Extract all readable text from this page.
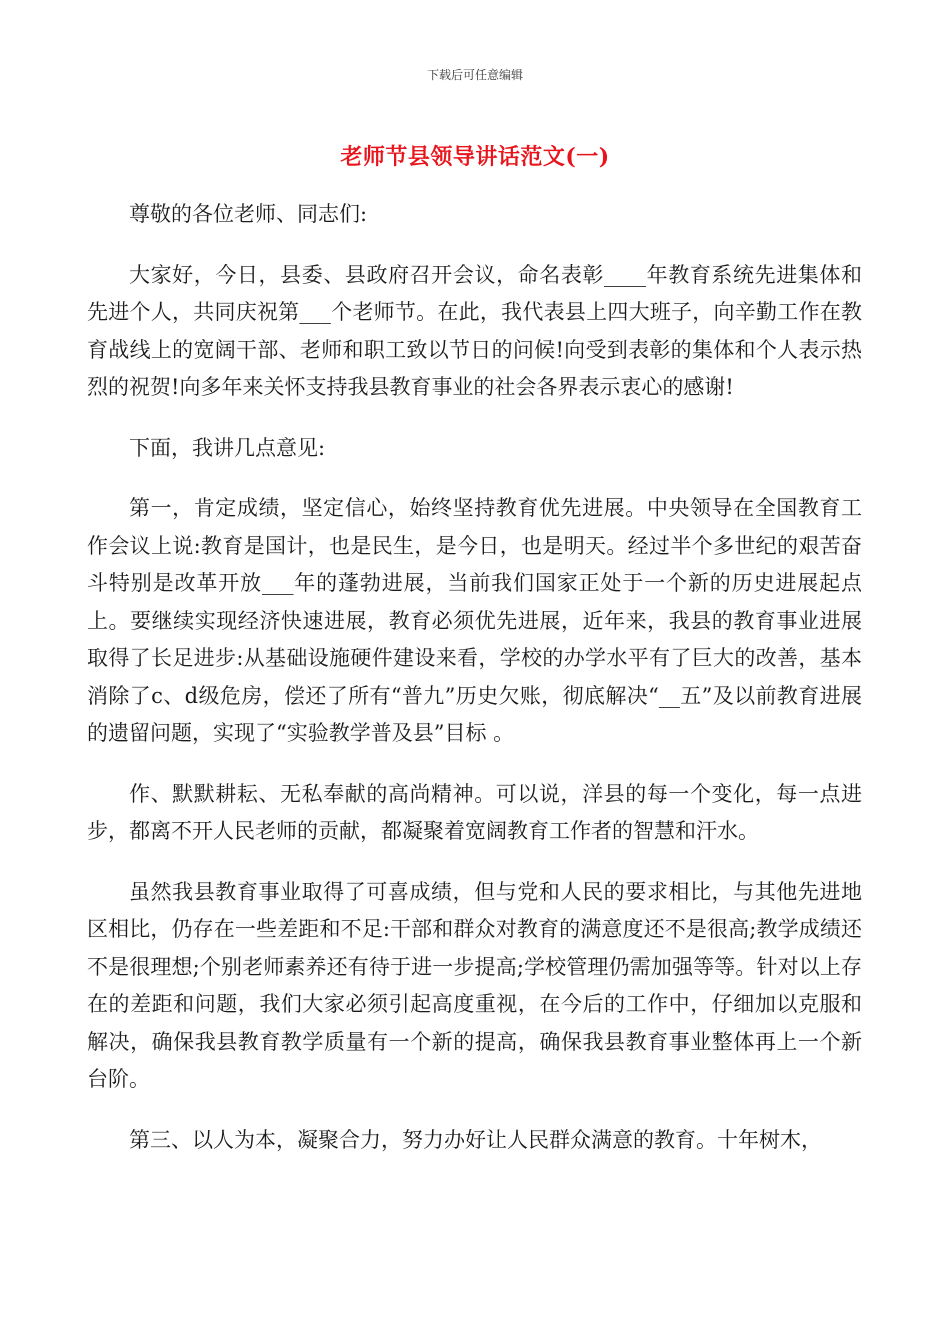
下载后可任意编辑
老师节县领导讲话范文(一)

尊敬的各位老师、同志们:

大家好，今日，县委、县政府召开会议，命名表彰____年教育系统先进集体和先进个人，共同庆祝第___个老师节。在此，我代表县上四大班子，向辛勤工作在教育战线上的宽阔干部、老师和职工致以节日的问候!向受到表彰的集体和个人表示热烈的祝贺!向多年来关怀支持我县教育事业的社会各界表示衷心的感谢!

下面，我讲几点意见:

第一，肯定成绩，坚定信心，始终坚持教育优先进展。中央领导在全国教育工作会议上说:教育是国计，也是民生，是今日，也是明天。经过半个多世纪的艰苦奋斗特别是改革开放___年的蓬勃进展，当前我们国家正处于一个新的历史进展起点上。要继续实现经济快速进展，教育必须优先进展，近年来，我县的教育事业进展取得了长足进步:从基础设施硬件建设来看，学校的办学水平有了巨大的改善，基本消除了c、d级危房，偿还了所有“普九”历史欠账，彻底解决“__五”及以前教育进展的遗留问题，实现了“实验教学普及县”目标 。

作、默默耕耘、无私奉献的高尚精神。可以说，洋县的每一个变化，每一点进步，都离不开人民老师的贡献，都凝聚着宽阔教育工作者的智慧和汗水。

虽然我县教育事业取得了可喜成绩，但与党和人民的要求相比，与其他先进地区相比，仍存在一些差距和不足:干部和群众对教育的满意度还不是很高;教学成绩还不是很理想;个别老师素养还有待于进一步提高;学校管理仍需加强等等。针对以上存在的差距和问题，我们大家必须引起高度重视，在今后的工作中，仔细加以克服和解决，确保我县教育教学质量有一个新的提高，确保我县教育事业整体再上一个新台阶。

第三、以人为本，凝聚合力，努力办好让人民群众满意的教育。十年树木，
